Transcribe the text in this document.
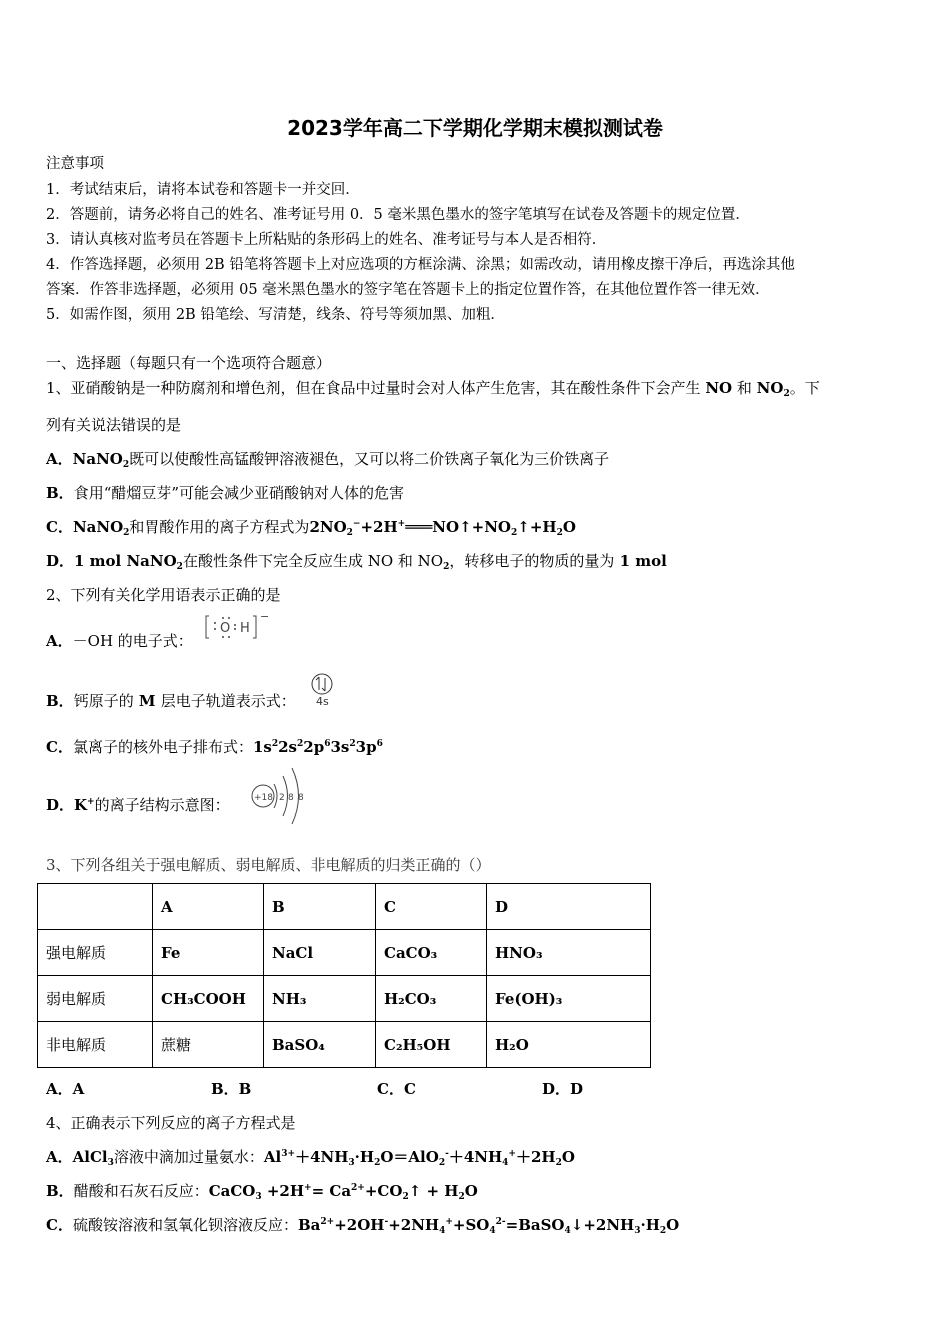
2023学年高二下学期化学期末模拟测试卷
注意事项
1．考试结束后，请将本试卷和答题卡一并交回．
2．答题前，请务必将自己的姓名、准考证号用 0．5 毫米黑色墨水的签字笔填写在试卷及答题卡的规定位置．
3．请认真核对监考员在答题卡上所粘贴的条形码上的姓名、准考证号与本人是否相符．
4．作答选择题，必须用 2B 铅笔将答题卡上对应选项的方框涂满、涂黑；如需改动，请用橡皮擦干净后，再选涂其他
答案．作答非选择题，必须用 05 毫米黑色墨水的签字笔在答题卡上的指定位置作答，在其他位置作答一律无效．
5．如需作图，须用 2B 铅笔绘、写清楚，线条、符号等须加黑、加粗．
一、选择题（每题只有一个选项符合题意）
1、亚硝酸钠是一种防腐剂和增色剂，但在食品中过量时会对人体产生危害，其在酸性条件下会产生 NO 和 $NO_2$。下
列有关说法错误的是
A．NaNO$_2$既可以使酸性高锰酸钾溶液褪色，又可以将二价铁离子氧化为三价铁离子
B．食用“醋熘豆芽”可能会减少亚硝酸钠对人体的危害
C．NaNO$_2$和胃酸作用的离子方程式为$2NO_2^-+2H^+═══NO↑+NO_2↑+H_2O$
D．1 mol NaNO$_2$在酸性条件下完全反应生成 NO 和 $NO_2$，转移电子的物质的量为 1 mol
2、下列有关化学用语表示正确的是
A．－OH 的电子式：
O H
−
B．钙原子的 M 层电子轨道表示式： 4s
C．氯离子的核外电子排布式：$1s^22s^22p^63s^23p^6$
D．K+的离子结构示意图：	+18 2 8 8
3、下列各组关于强电解质、弱电解质、非电解质的归类正确的（）
	A	B	C	D
强电解质	Fe	NaCl	CaCO₃	HNO₃
弱电解质	CH₃COOH	NH₃	H₂CO₃	Fe(OH)₃
非电解质	蔗糖	BaSO₄	C₂H₅OH	H₂O
A．A	B．B	C．C	D．D
4、正确表示下列反应的离子方程式是
A．AlCl$_3$溶液中滴加过量氨水：$Al^{3+}+4NH_3\cdot H_2O=AlO_2^-+4NH_4^++2H_2O$
B．醋酸和石灰石反应：CaCO$_3$ $+2H^+= Ca^{2+}+CO_2↑ + H_2O$
C．硫酸铵溶液和氢氧化钡溶液反应：$Ba^{2+}+2OH^-+2NH_4^++SO_4^{2-}=BaSO_4↓+2NH_3\cdot H_2O$
